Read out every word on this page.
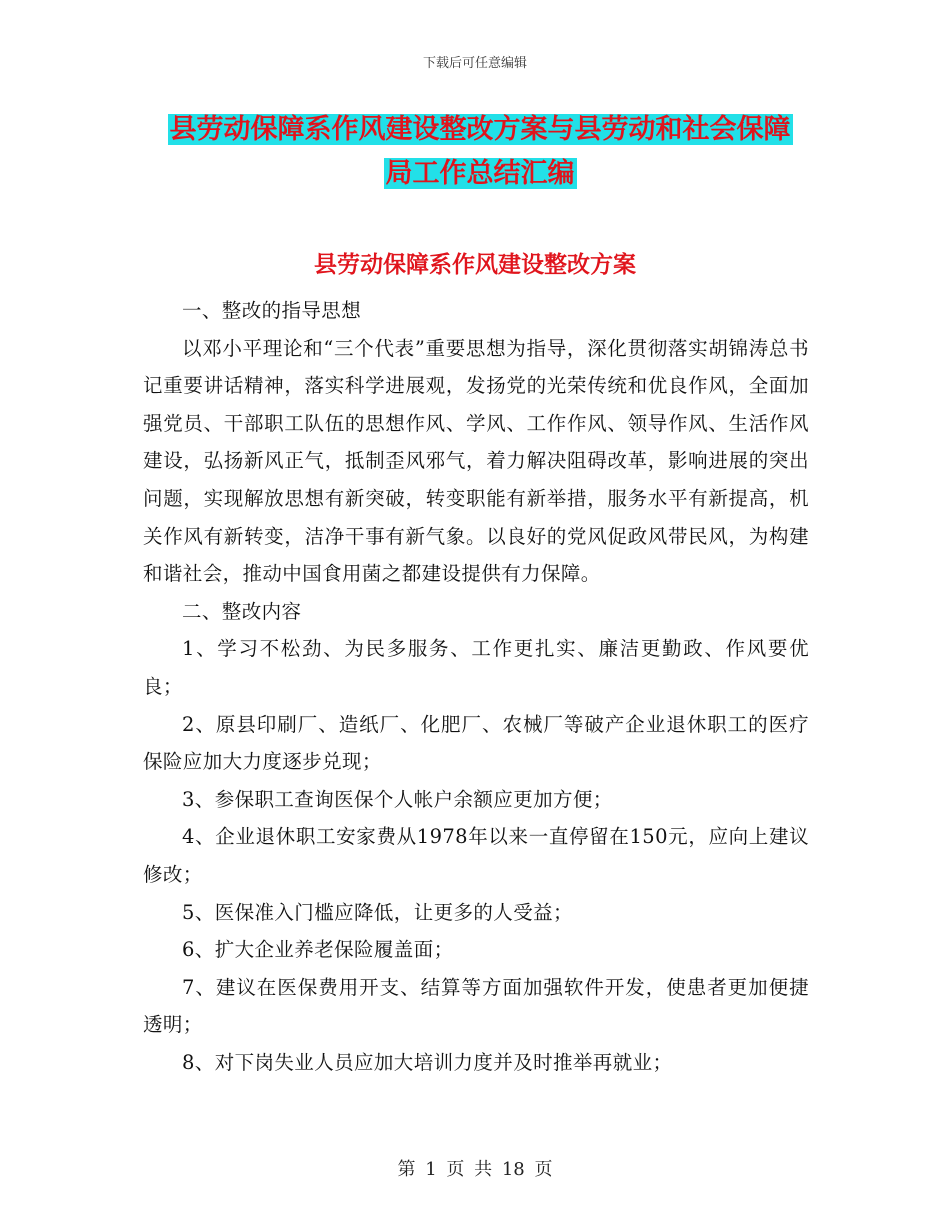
下载后可任意编辑
县劳动保障系作风建设整改方案与县劳动和社会保障
局工作总结汇编
县劳动保障系作风建设整改方案

一、整改的指导思想

以邓小平理论和“三个代表”重要思想为指导，深化贯彻落实胡锦涛总书记重要讲话精神，落实科学进展观，发扬党的光荣传统和优良作风，全面加强党员、干部职工队伍的思想作风、学风、工作作风、领导作风、生活作风建设，弘扬新风正气，抵制歪风邪气，着力解决阻碍改革，影响进展的突出问题，实现解放思想有新突破，转变职能有新举措，服务水平有新提高，机关作风有新转变，洁净干事有新气象。以良好的党风促政风带民风，为构建和谐社会，推动中国食用菌之都建设提供有力保障。

二、整改内容

1、学习不松劲、为民多服务、工作更扎实、廉洁更勤政、作风要优良；

2、原县印刷厂、造纸厂、化肥厂、农械厂等破产企业退休职工的医疗保险应加大力度逐步兑现；

3、参保职工查询医保个人帐户余额应更加方便；

4、企业退休职工安家费从1978年以来一直停留在150元，应向上建议修改；

5、医保准入门槛应降低，让更多的人受益；

6、扩大企业养老保险履盖面；

7、建议在医保费用开支、结算等方面加强软件开发，使患者更加便捷透明；

8、对下岗失业人员应加大培训力度并及时推举再就业；

第 1 页 共 18 页
